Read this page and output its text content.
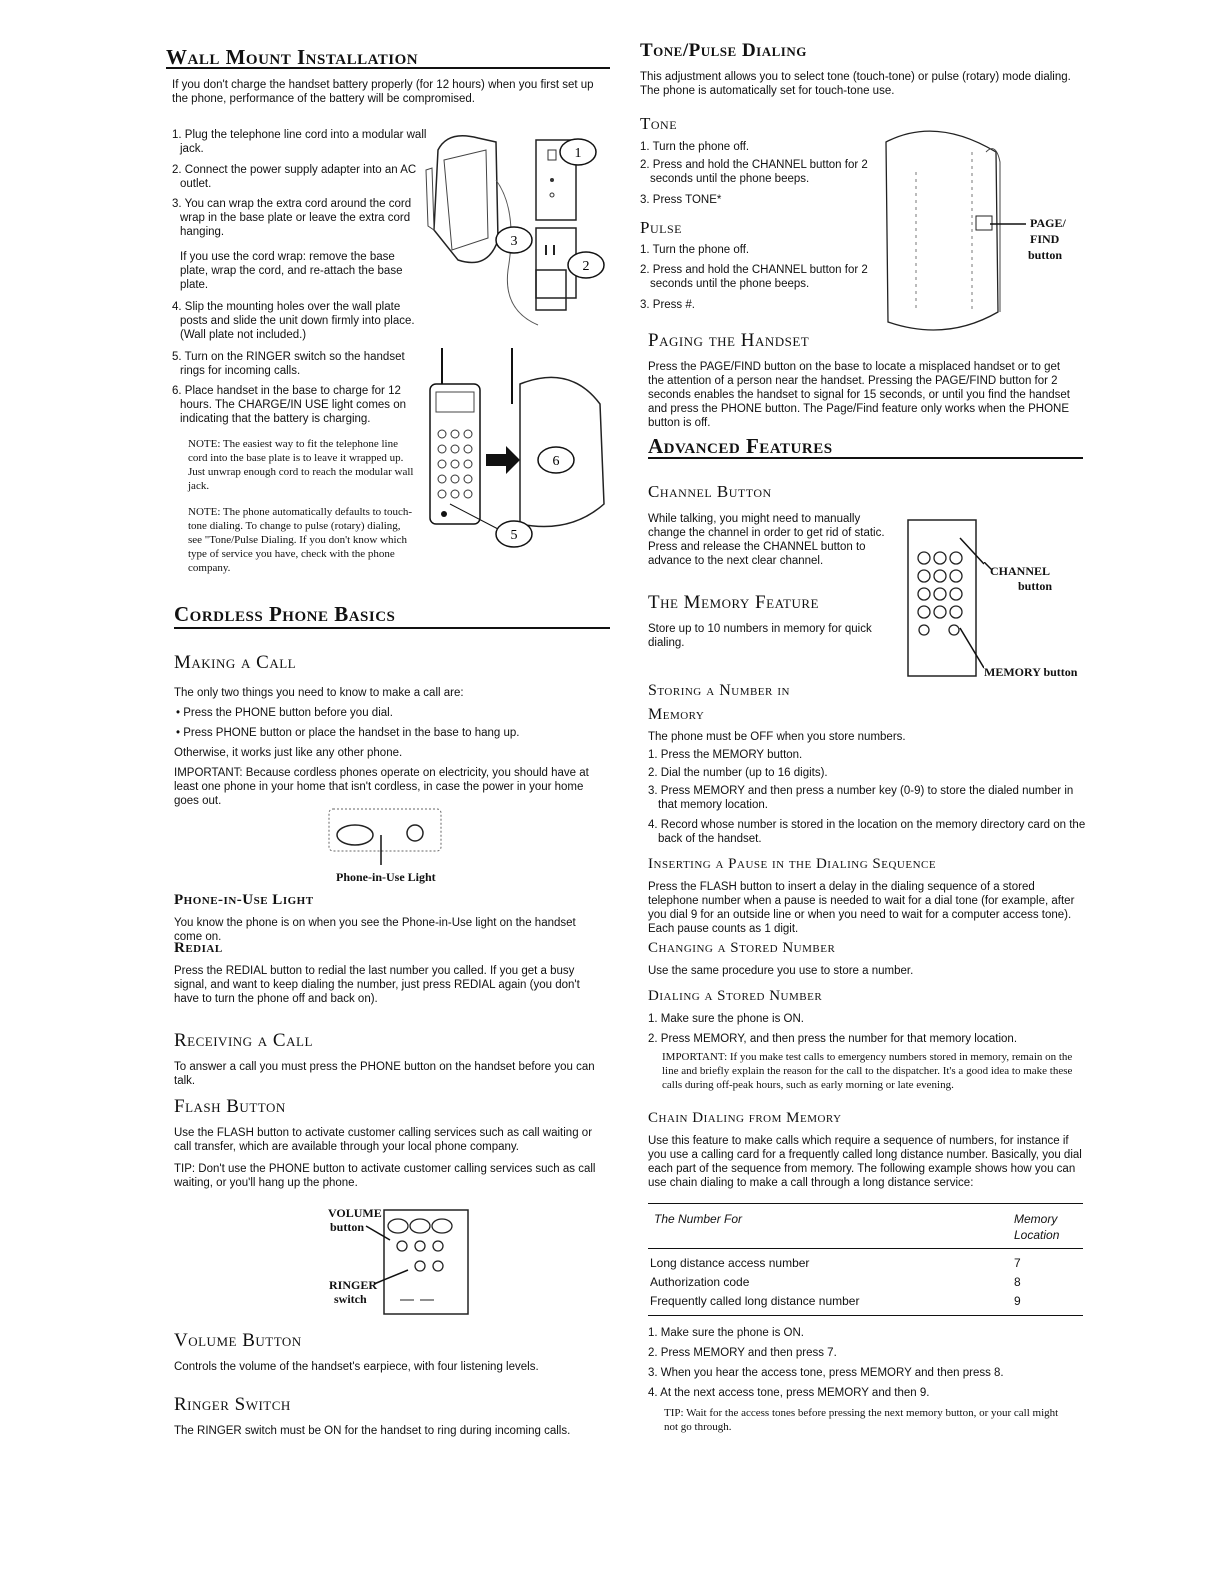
Wall Mount Installation

If you don't charge the handset battery properly (for 12 hours) when you first set up the phone, performance of the battery will be compromised.

1. Plug the telephone line cord into a modular wall jack.

2. Connect the power supply adapter into an AC outlet.

3. You can wrap the extra cord around the cord wrap in the base plate or leave the extra cord hanging.

If you use the cord wrap: remove the base plate, wrap the cord, and re-attach the base plate.

4. Slip the mounting holes over the wall plate posts and slide the unit down firmly into place. (Wall plate not included.)

5. Turn on the RINGER switch so the handset rings for incoming calls.

6. Place handset in the base to charge for 12 hours. The CHARGE/IN USE light comes on indicating that the battery is charging.

NOTE: The easiest way to fit the telephone line cord into the base plate is to leave it wrapped up. Just unwrap enough cord to reach the modular wall jack.

NOTE: The phone automatically defaults to touch-tone dialing. To change to pulse (rotary) dialing, see "Tone/Pulse Dialing. If you don't know which type of service you have, check with the phone company.

1
3
2
6
5
Cordless Phone Basics
Making a Call

The only two things you need to know to make a call are:

• Press the PHONE button before you dial.

• Press PHONE button or place the handset in the base to hang up.

Otherwise, it works just like any other phone.

IMPORTANT: Because cordless phones operate on electricity, you should have at least one phone in your home that isn't cordless, in case the power in your home goes out.

Phone-in-Use Light
Phone-in-Use Light

You know the phone is on when you see the Phone-in-Use light on the handset come on.

Redial

Press the REDIAL button to redial the last number you called. If you get a busy signal, and want to keep dialing the number, just press REDIAL again (you don't have to turn the phone off and back on).

Receiving a Call

To answer a call you must press the PHONE button on the handset before you can talk.

Flash Button

Use the FLASH button to activate customer calling services such as call waiting or call transfer, which are available through your local phone company.

TIP: Don't use the PHONE button to activate customer calling services such as call waiting, or you'll hang up the phone.

VOLUME
button
RINGER
switch
Volume Button

Controls the volume of the handset's earpiece, with four listening levels.

Ringer Switch

The RINGER switch must be ON for the handset to ring during incoming calls.

Tone/Pulse Dialing

This adjustment allows you to select tone (touch-tone) or pulse (rotary) mode dialing. The phone is automatically set for touch-tone use.

Tone

1. Turn the phone off.

2. Press and hold the CHANNEL button for 2 seconds until the phone beeps.

3. Press TONE*

Pulse

1. Turn the phone off.

2. Press and hold the CHANNEL button for 2 seconds until the phone beeps.

3. Press #.

PAGE/
FIND
button
Paging the Handset

Press the PAGE/FIND button on the base to locate a misplaced handset or to get the attention of a person near the handset. Pressing the PAGE/FIND button for 2 seconds enables the handset to signal for 15 seconds, or until you find the handset and press the PHONE button. The Page/Find feature only works when the PHONE button is off.

Advanced Features
Channel Button

While talking, you might need to manually change the channel in order to get rid of static. Press and release the CHANNEL button to advance to the next clear channel.

CHANNEL
button
MEMORY button
The Memory Feature

Store up to 10 numbers in memory for quick dialing.

Storing a Number in
Memory

The phone must be OFF when you store numbers.

1. Press the MEMORY button.

2. Dial the number (up to 16 digits).

3. Press MEMORY and then press a number key (0-9) to store the dialed number in that memory location.

4. Record whose number is stored in the location on the memory directory card on the back of the handset.

Inserting a Pause in the Dialing Sequence

Press the FLASH button to insert a delay in the dialing sequence of a stored telephone number when a pause is needed to wait for a dial tone (for example, after you dial 9 for an outside line or when you need to wait for a computer access tone). Each pause counts as 1 digit.

Changing a Stored Number

Use the same procedure you use to store a number.

Dialing a Stored Number

1. Make sure the phone is ON.

2. Press MEMORY, and then press the number for that memory location.

IMPORTANT: If you make test calls to emergency numbers stored in memory, remain on the line and briefly explain the reason for the call to the dispatcher. It's a good idea to make these calls during off-peak hours, such as early morning or late evening.

Chain Dialing from Memory

Use this feature to make calls which require a sequence of numbers, for instance if you use a calling card for a frequently called long distance number. Basically, you dial each part of the sequence from memory. The following example shows how you can use chain dialing to make a call through a long distance service:

The Number For	Memory
Location
Long distance access number	7
Authorization code	8
Frequently called long distance number	9

1. Make sure the phone is ON.

2. Press MEMORY and then press 7.

3. When you hear the access tone, press MEMORY and then press 8.

4. At the next access tone, press MEMORY and then 9.

TIP: Wait for the access tones before pressing the next memory button, or your call might not go through.
